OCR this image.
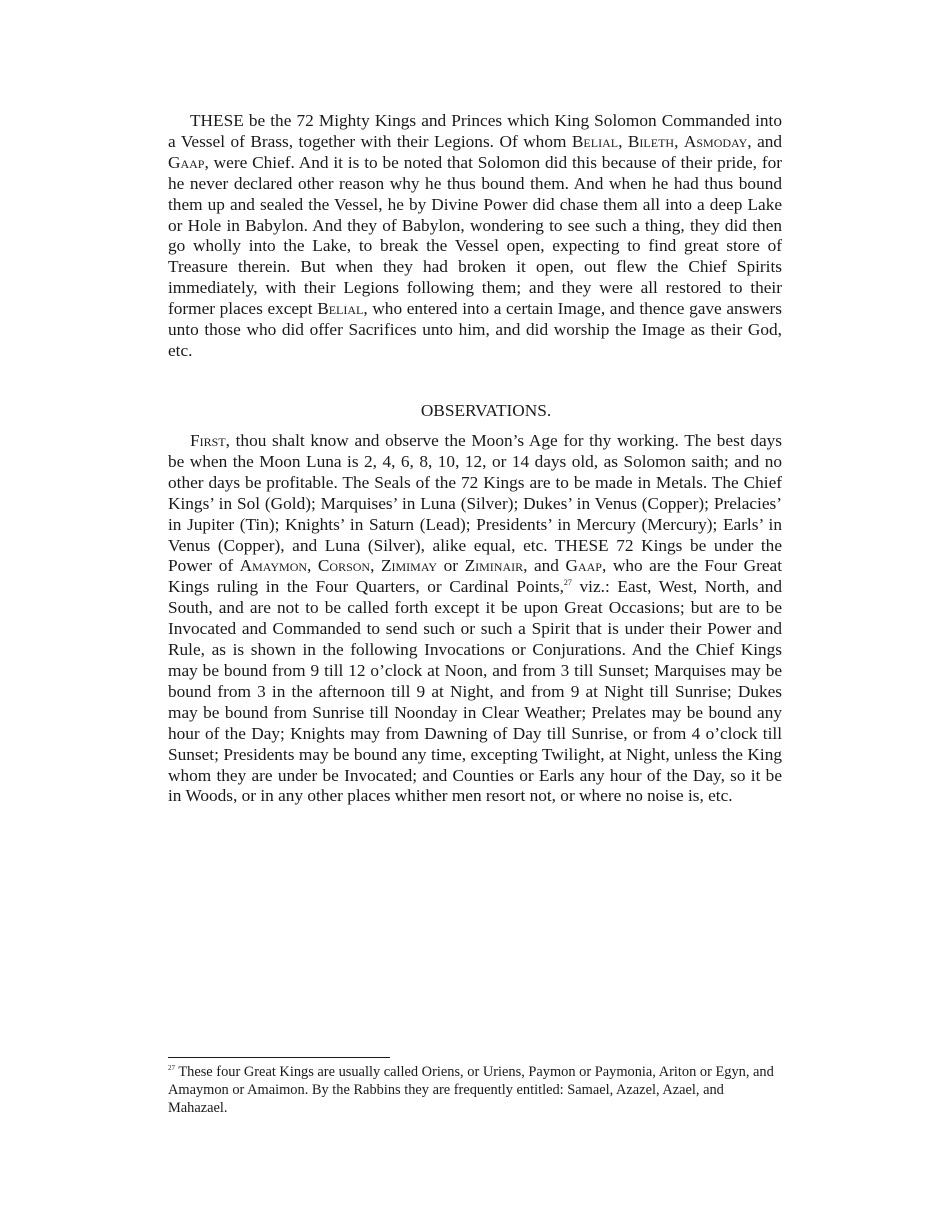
THESE be the 72 Mighty Kings and Princes which King Solomon Commanded into a Vessel of Brass, together with their Legions. Of whom Belial, Bileth, Asmoday, and Gaap, were Chief. And it is to be noted that Solomon did this because of their pride, for he never declared other reason why he thus bound them. And when he had thus bound them up and sealed the Vessel, he by Divine Power did chase them all into a deep Lake or Hole in Babylon. And they of Babylon, wondering to see such a thing, they did then go wholly into the Lake, to break the Vessel open, expecting to find great store of Treasure therein. But when they had broken it open, out flew the Chief Spirits immediately, with their Legions following them; and they were all restored to their former places except Belial, who entered into a certain Image, and thence gave answers unto those who did offer Sacrifices unto him, and did worship the Image as their God, etc.

OBSERVATIONS.

First, thou shalt know and observe the Moon’s Age for thy working. The best days be when the Moon Luna is 2, 4, 6, 8, 10, 12, or 14 days old, as Solomon saith; and no other days be profitable. The Seals of the 72 Kings are to be made in Metals. The Chief Kings’ in Sol (Gold); Marquises’ in Luna (Silver); Dukes’ in Venus (Copper); Prelacies’ in Jupiter (Tin); Knights’ in Saturn (Lead); Presidents’ in Mercury (Mercury); Earls’ in Venus (Copper), and Luna (Silver), alike equal, etc. THESE 72 Kings be under the Power of Amaymon, Corson, Zimimay or Ziminair, and Gaap, who are the Four Great Kings ruling in the Four Quarters, or Cardinal Points,$^{27}$ viz.: East, West, North, and South, and are not to be called forth except it be upon Great Occasions; but are to be Invocated and Commanded to send such or such a Spirit that is under their Power and Rule, as is shown in the following Invocations or Conjurations. And the Chief Kings may be bound from 9 till 12 o’clock at Noon, and from 3 till Sunset; Marquises may be bound from 3 in the afternoon till 9 at Night, and from 9 at Night till Sunrise; Dukes may be bound from Sunrise till Noonday in Clear Weather; Prelates may be bound any hour of the Day; Knights may from Dawning of Day till Sunrise, or from 4 o’clock till Sunset; Presidents may be bound any time, excepting Twilight, at Night, unless the King whom they are under be Invocated; and Counties or Earls any hour of the Day, so it be in Woods, or in any other places whither men resort not, or where no noise is, etc.

$^{27}$ These four Great Kings are usually called Oriens, or Uriens, Paymon or Paymonia, Ariton or Egyn, and Amaymon or Amaimon. By the Rabbins they are frequently entitled: Samael, Azazel, Azael, and Mahazael.
